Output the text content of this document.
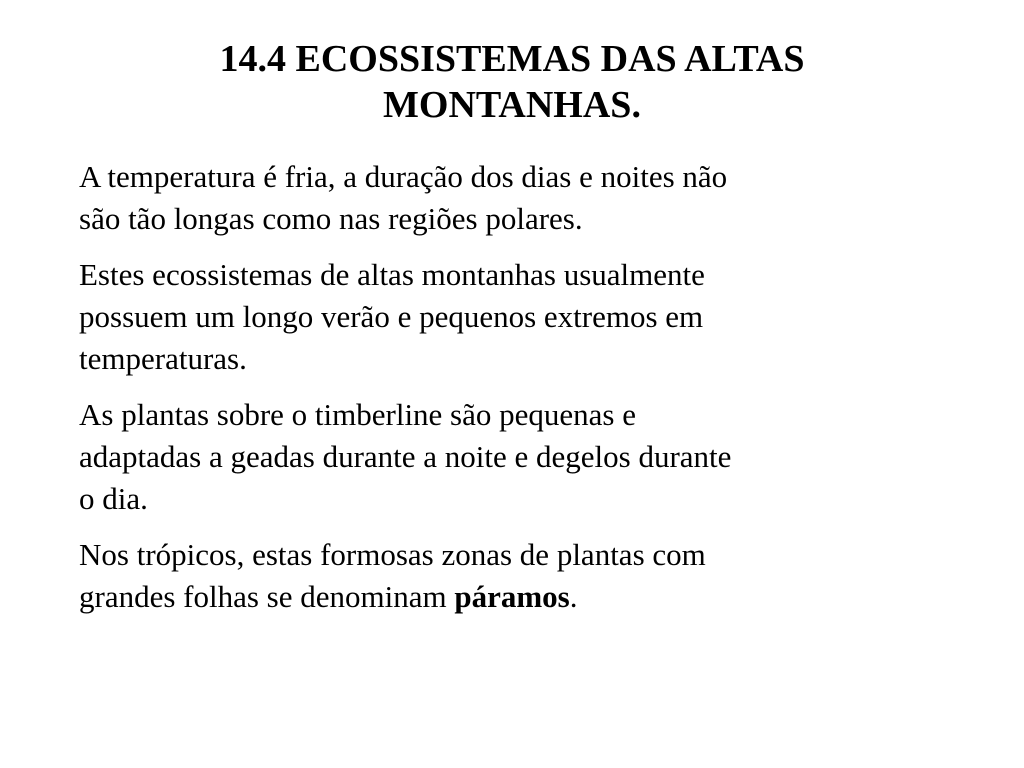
14.4 ECOSSISTEMAS DAS ALTAS
MONTANHAS.

A temperatura é fria, a duração dos dias e noites não
são tão longas como nas regiões polares.

Estes ecossistemas de altas montanhas usualmente
possuem um longo verão e pequenos extremos em
temperaturas.

As plantas sobre o timberline são pequenas e
adaptadas a geadas durante a noite e degelos durante
o dia.

Nos trópicos, estas formosas zonas de plantas com
grandes folhas se denominam páramos.
